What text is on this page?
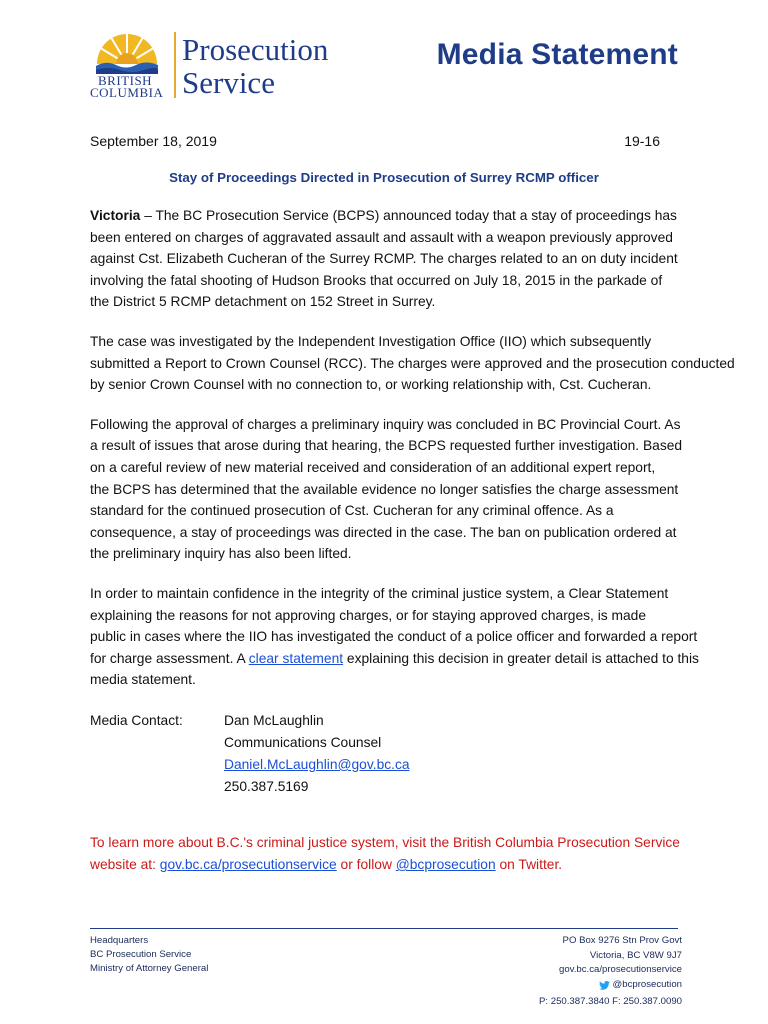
BRITISH
COLUMBIA
Prosecution
Service
Media Statement
September 18, 2019	19-16
Stay of Proceedings Directed in Prosecution of Surrey RCMP officer

Victoria – The BC Prosecution Service (BCPS) announced today that a stay of proceedings has
been entered on charges of aggravated assault and assault with a weapon previously approved
against Cst. Elizabeth Cucheran of the Surrey RCMP. The charges related to an on duty incident
involving the fatal shooting of Hudson Brooks that occurred on July 18, 2015 in the parkade of
the District 5 RCMP detachment on 152 Street in Surrey.

The case was investigated by the Independent Investigation Office (IIO) which subsequently
submitted a Report to Crown Counsel (RCC). The charges were approved and the prosecution conducted
by senior Crown Counsel with no connection to, or working relationship with, Cst. Cucheran.

Following the approval of charges a preliminary inquiry was concluded in BC Provincial Court. As
a result of issues that arose during that hearing, the BCPS requested further investigation. Based
on a careful review of new material received and consideration of an additional expert report,
the BCPS has determined that the available evidence no longer satisfies the charge assessment
standard for the continued prosecution of Cst. Cucheran for any criminal offence. As a
consequence, a stay of proceedings was directed in the case. The ban on publication ordered at
the preliminary inquiry has also been lifted.

In order to maintain confidence in the integrity of the criminal justice system, a Clear Statement
explaining the reasons for not approving charges, or for staying approved charges, is made
public in cases where the IIO has investigated the conduct of a police officer and forwarded a report
for charge assessment. A clear statement explaining this decision in greater detail is attached to this
media statement.

Media Contact:	Dan McLaughlin
Communications Counsel
Daniel.McLaughlin@gov.bc.ca
250.387.5169
To learn more about B.C.'s criminal justice system, visit the British Columbia Prosecution Service
website at: gov.bc.ca/prosecutionservice or follow @bcprosecution on Twitter.
Headquarters
BC Prosecution Service
Ministry of Attorney General
PO Box 9276 Stn Prov Govt
Victoria, BC V8W 9J7
gov.bc.ca/prosecutionservice
@bcprosecution
P: 250.387.3840 F: 250.387.0090
